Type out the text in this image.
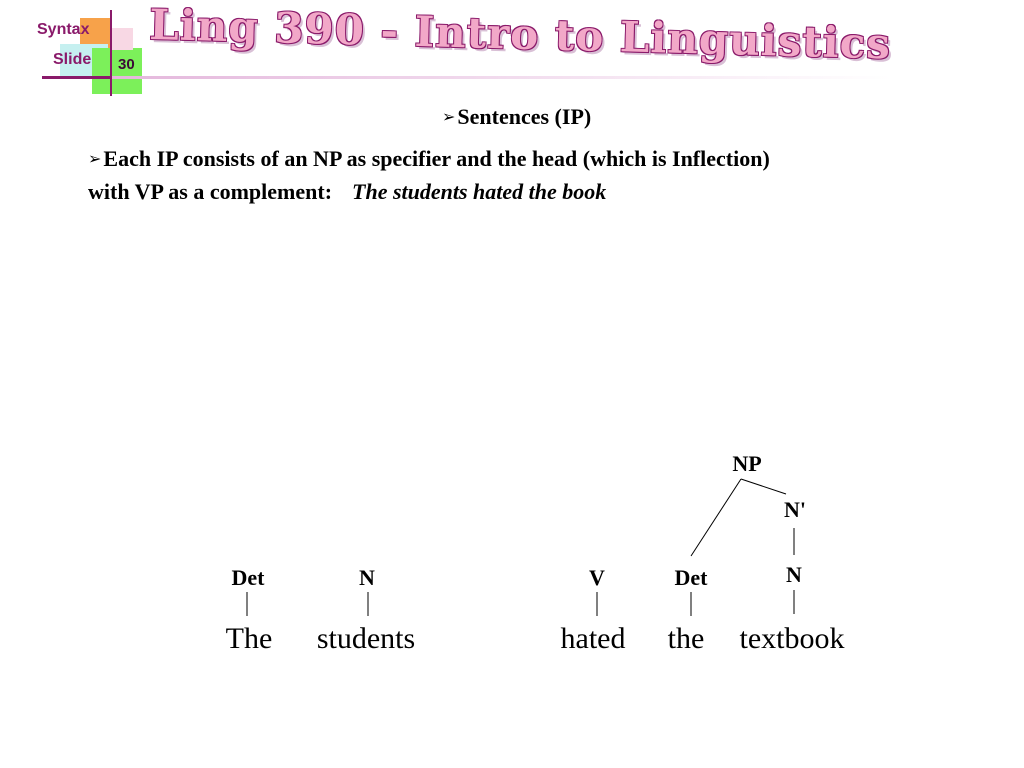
Syntax
Slide 30 Ling 390 - Intro to Linguistics
➢Sentences (IP)
➢Each IP consists of an NP as specifier and the head (which is Inflection)
with VP as a complement: The students hated the book
NP
N'
Det	N	V	Det	N
The students	hated the textbook
